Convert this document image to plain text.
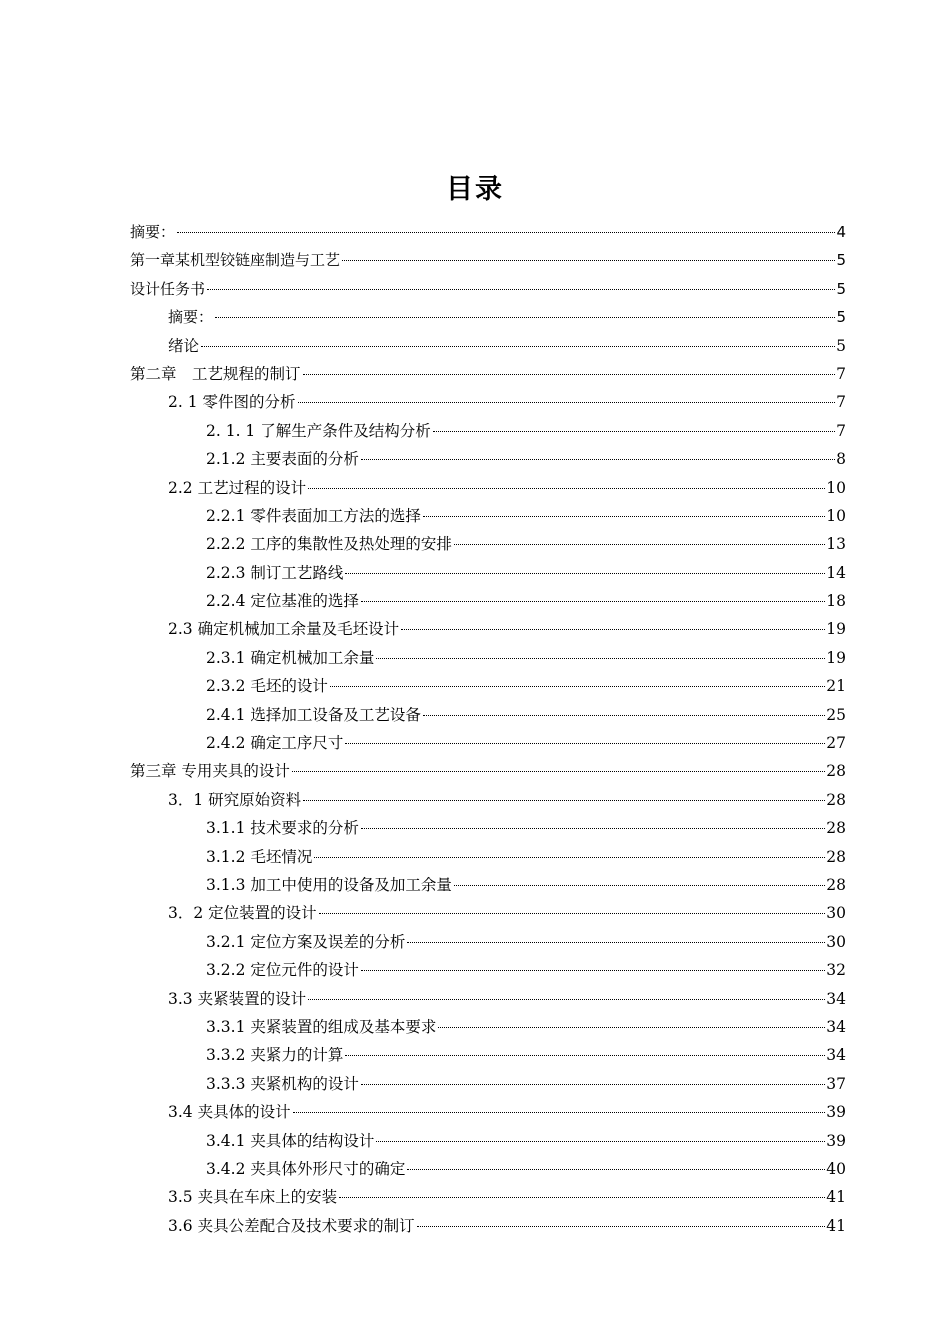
目录
摘要：	4
第一章某机型铰链座制造与工艺	5
设计任务书	5
摘要：	5
绪论	5
第二章　工艺规程的制订	7
2. 1 零件图的分析	7
2. 1. 1 了解生产条件及结构分析	7
2.1.2 主要表面的分析	8
2.2 工艺过程的设计	10
2.2.1 零件表面加工方法的选择	10
2.2.2 工序的集散性及热处理的安排	13
2.2.3 制订工艺路线	14
2.2.4 定位基准的选择	18
2.3 确定机械加工余量及毛坯设计	19
2.3.1 确定机械加工余量	19
2.3.2 毛坯的设计	21
2.4.1 选择加工设备及工艺设备	25
2.4.2 确定工序尺寸	27
第三章 专用夹具的设计	28
3．1 研究原始资料	28
3.1.1 技术要求的分析	28
3.1.2 毛坯情况	28
3.1.3 加工中使用的设备及加工余量	28
3．2 定位装置的设计	30
3.2.1 定位方案及误差的分析	30
3.2.2 定位元件的设计	32
3.3 夹紧装置的设计	34
3.3.1 夹紧装置的组成及基本要求	34
3.3.2 夹紧力的计算	34
3.3.3 夹紧机构的设计	37
3.4 夹具体的设计	39
3.4.1 夹具体的结构设计	39
3.4.2 夹具体外形尺寸的确定	40
3.5 夹具在车床上的安装	41
3.6 夹具公差配合及技术要求的制订	41
